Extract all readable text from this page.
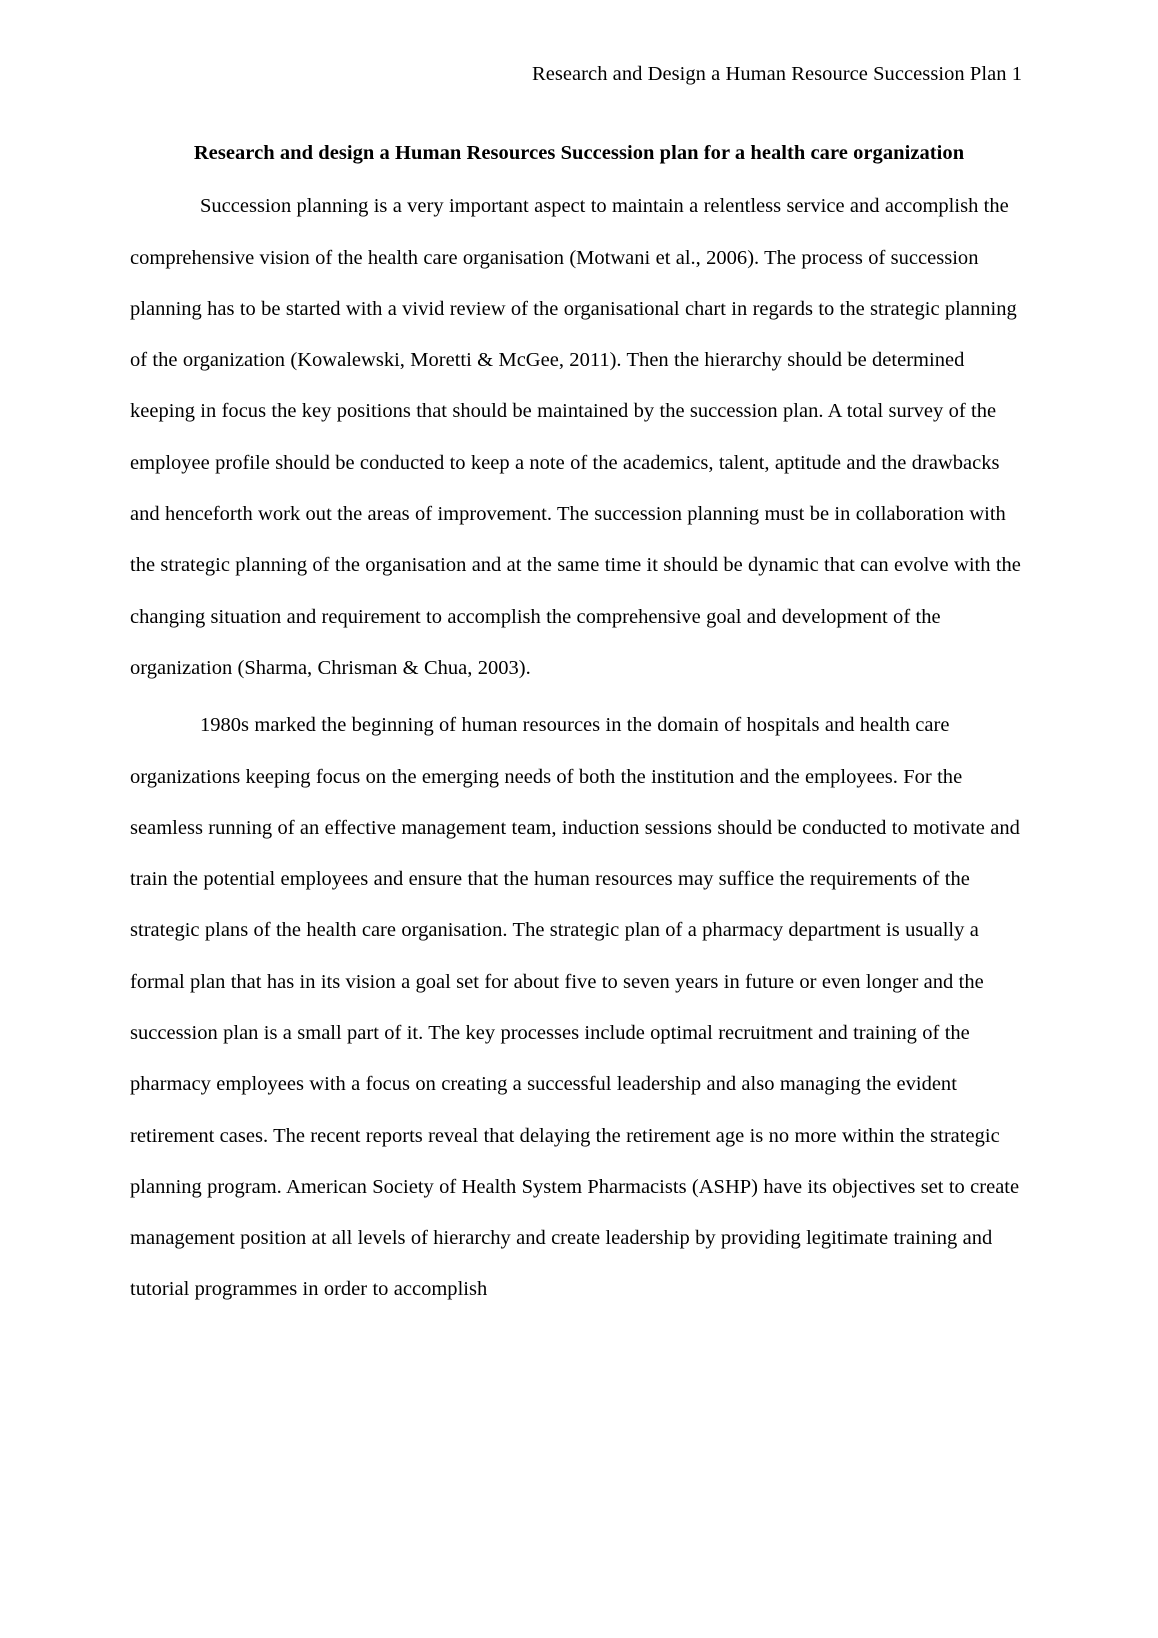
Research and Design a Human Resource Succession Plan 1
Research and design a Human Resources Succession plan for a health care organization

Succession planning is a very important aspect to maintain a relentless service and accomplish the comprehensive vision of the health care organisation (Motwani et al., 2006). The process of succession planning has to be started with a vivid review of the organisational chart in regards to the strategic planning of the organization (Kowalewski, Moretti & McGee, 2011). Then the hierarchy should be determined keeping in focus the key positions that should be maintained by the succession plan. A total survey of the employee profile should be conducted to keep a note of the academics, talent, aptitude and the drawbacks and henceforth work out the areas of improvement. The succession planning must be in collaboration with the strategic planning of the organisation and at the same time it should be dynamic that can evolve with the changing situation and requirement to accomplish the comprehensive goal and development of the organization (Sharma, Chrisman & Chua, 2003).

1980s marked the beginning of human resources in the domain of hospitals and health care organizations keeping focus on the emerging needs of both the institution and the employees. For the seamless running of an effective management team, induction sessions should be conducted to motivate and train the potential employees and ensure that the human resources may suffice the requirements of the strategic plans of the health care organisation. The strategic plan of a pharmacy department is usually a formal plan that has in its vision a goal set for about five to seven years in future or even longer and the succession plan is a small part of it. The key processes include optimal recruitment and training of the pharmacy employees with a focus on creating a successful leadership and also managing the evident retirement cases. The recent reports reveal that delaying the retirement age is no more within the strategic planning program. American Society of Health System Pharmacists (ASHP) have its objectives set to create management position at all levels of hierarchy and create leadership by providing legitimate training and tutorial programmes in order to accomplish
